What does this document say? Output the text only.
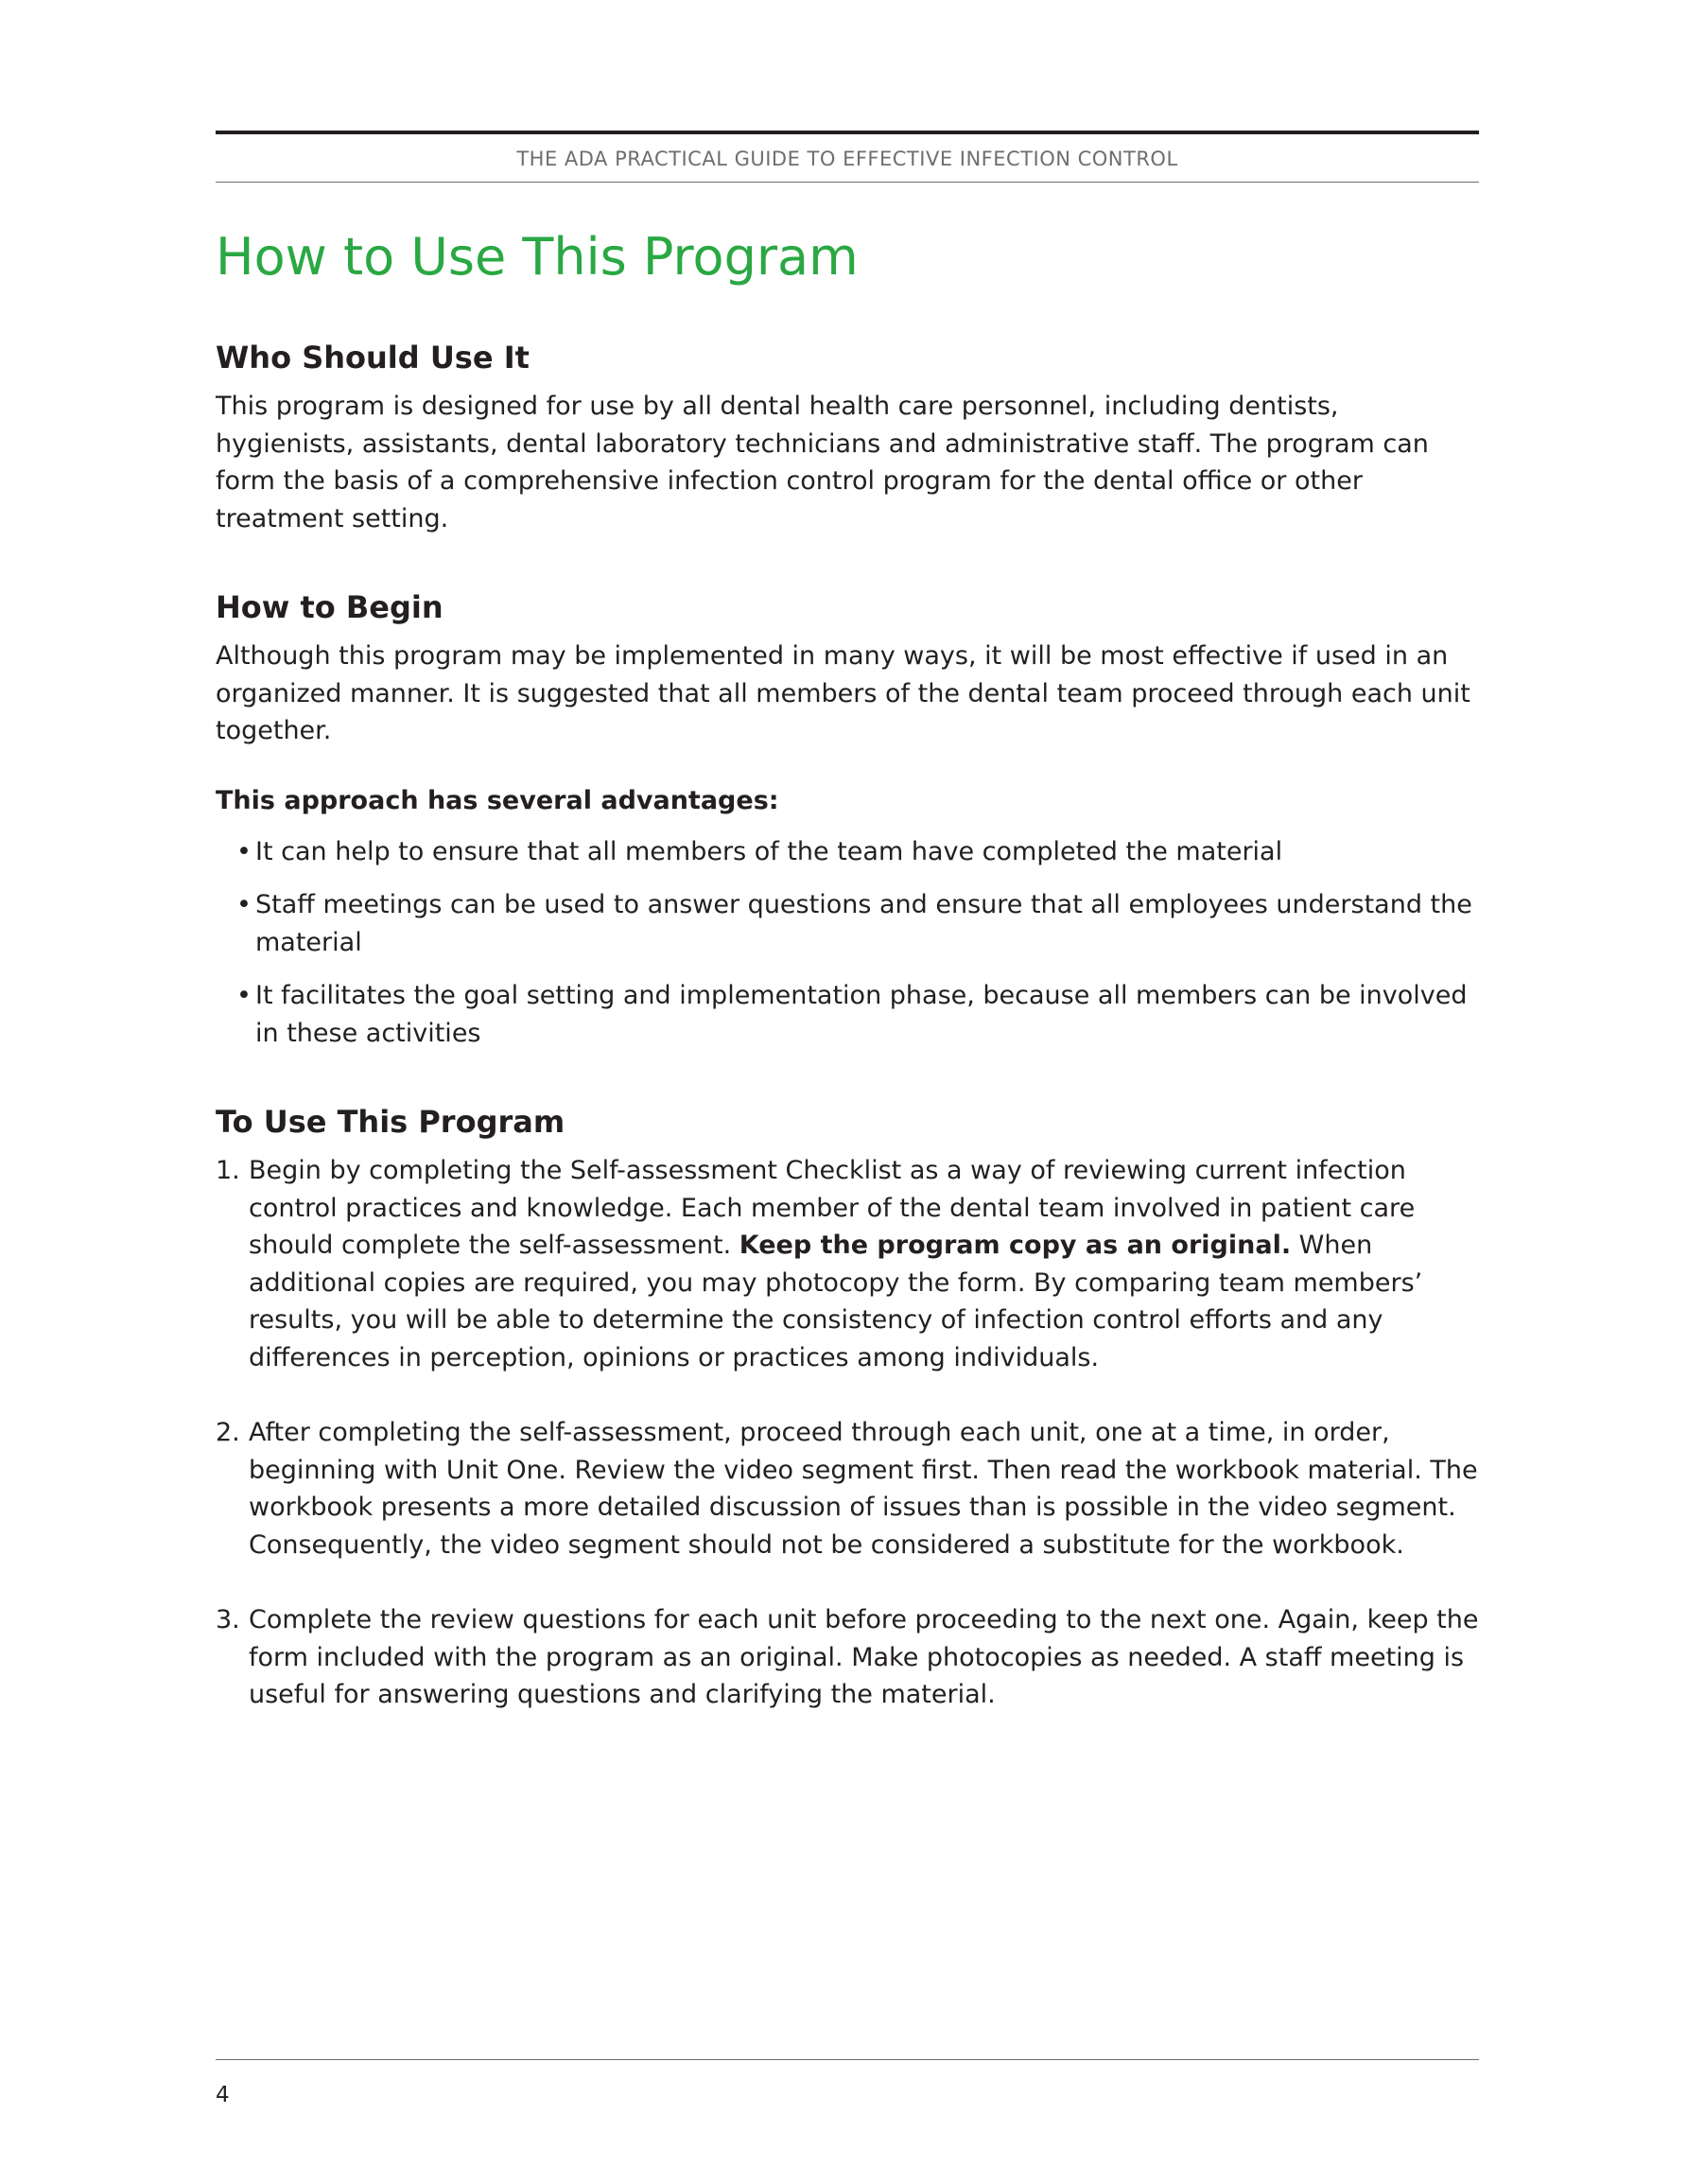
THE ADA PRACTICAL GUIDE TO EFFECTIVE INFECTION CONTROL
How to Use This Program
Who Should Use It

This program is designed for use by all dental health care personnel, including dentists, hygienists, assistants, dental laboratory technicians and administrative staff. The program can form the basis of a comprehensive infection control program for the dental office or other treatment setting.

How to Begin

Although this program may be implemented in many ways, it will be most effective if used in an organized manner. It is suggested that all members of the dental team proceed through each unit together.

This approach has several advantages:
• It can help to ensure that all members of the team have completed the material
• Staff meetings can be used to answer questions and ensure that all employees understand the material
• It facilitates the goal setting and implementation phase, because all members can be involved in these activities
To Use This Program
1. Begin by completing the Self-assessment Checklist as a way of reviewing current infection control practices and knowledge. Each member of the dental team involved in patient care should complete the self-assessment. Keep the program copy as an original. When additional copies are required, you may photocopy the form. By comparing team members’ results, you will be able to determine the consistency of infection control efforts and any differences in perception, opinions or practices among individuals.
2. After completing the self-assessment, proceed through each unit, one at a time, in order, beginning with Unit One. Review the video segment first. Then read the workbook material. The workbook presents a more detailed discussion of issues than is possible in the video segment. Consequently, the video segment should not be considered a substitute for the workbook.
3. Complete the review questions for each unit before proceeding to the next one. Again, keep the form included with the program as an original. Make photocopies as needed. A staff meeting is useful for answering questions and clarifying the material.
4
